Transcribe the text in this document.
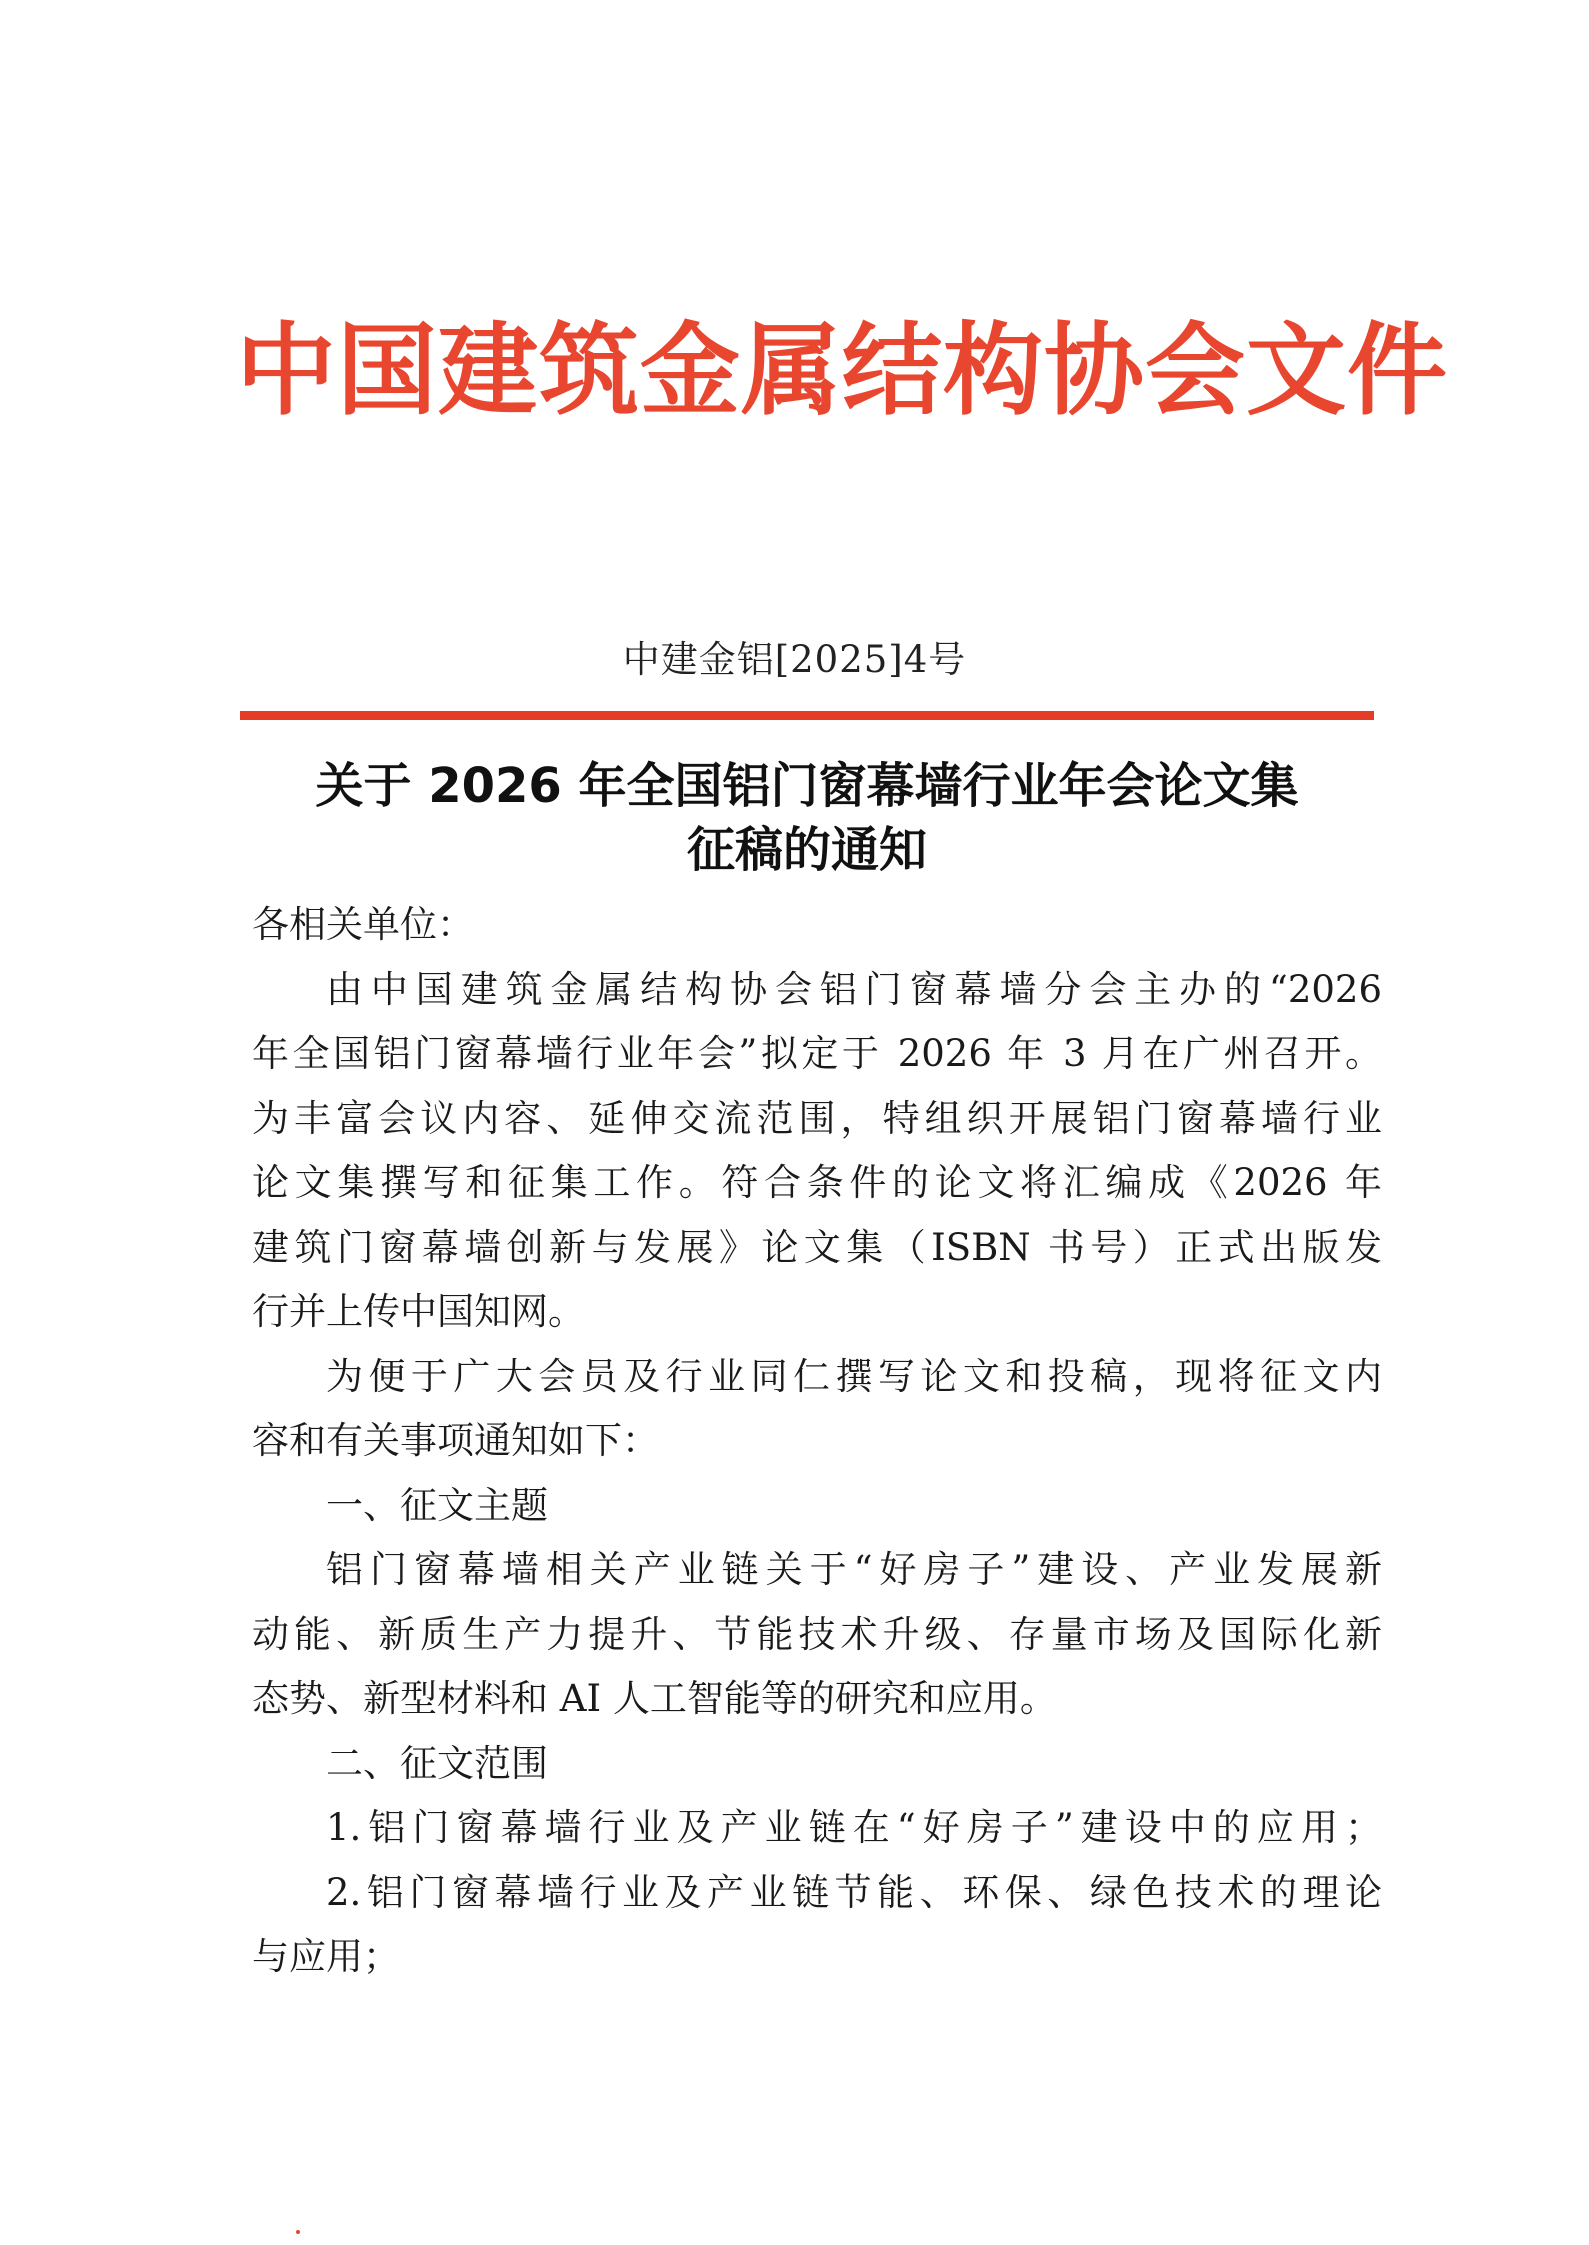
中国建筑金属结构协会文件
中建金铝[2025]4号
关于 2026 年全国铝门窗幕墙行业年会论文集
征稿的通知
各相关单位：
由中国建筑金属结构协会铝门窗幕墙分会主办的“2026
年全国铝门窗幕墙行业年会”拟定于 2026 年 3 月在广州召开。
为丰富会议内容、延伸交流范围，特组织开展铝门窗幕墙行业
论文集撰写和征集工作。符合条件的论文将汇编成《2026 年
建筑门窗幕墙创新与发展》论文集（ISBN 书号）正式出版发
行并上传中国知网。
为便于广大会员及行业同仁撰写论文和投稿，现将征文内
容和有关事项通知如下：
一、征文主题
铝门窗幕墙相关产业链关于“好房子”建设、产业发展新
动能、新质生产力提升、节能技术升级、存量市场及国际化新
态势、新型材料和 AI 人工智能等的研究和应用。
二、征文范围
1.铝门窗幕墙行业及产业链在“好房子”建设中的应用；
2.铝门窗幕墙行业及产业链节能、环保、绿色技术的理论
与应用；
